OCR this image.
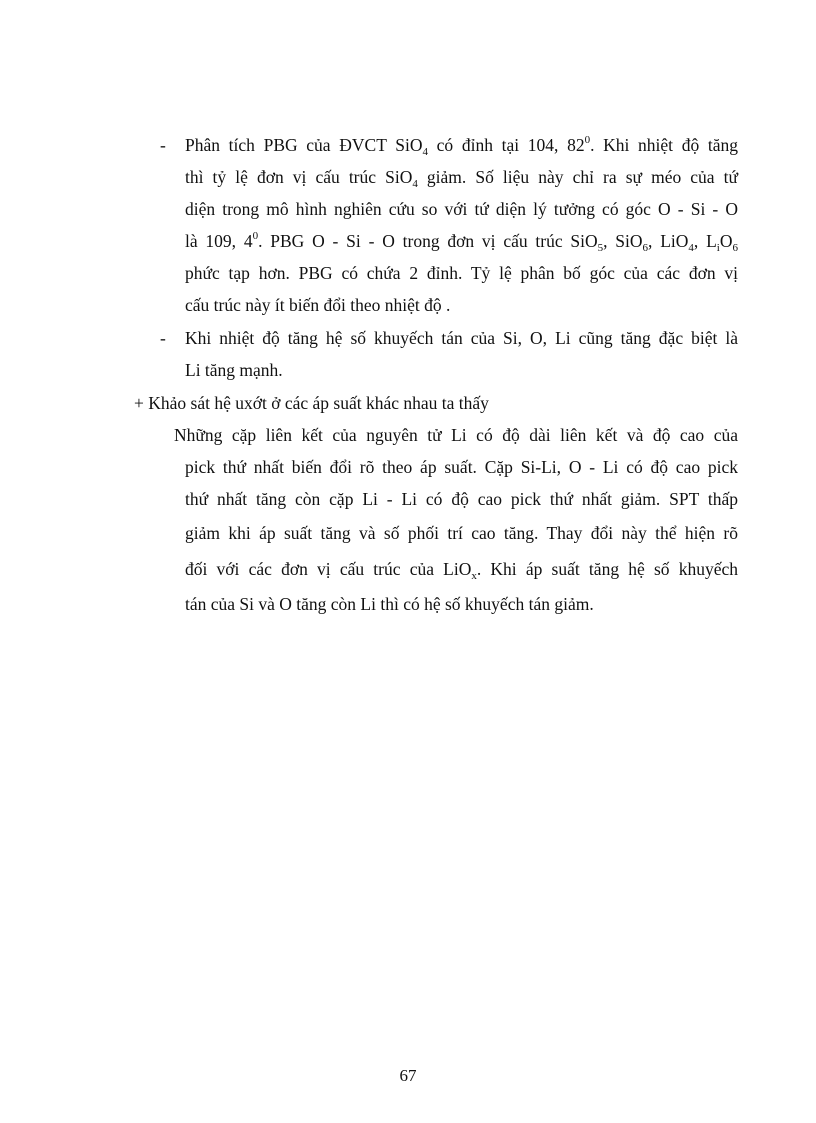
- Phân tích PBG của ĐVCT SiO$_4$ có đỉnh tại 104, $82^0$. Khi nhiệt độ tăng
thì tỷ lệ đơn vị cấu trúc SiO$_4$ giảm. Số liệu này chỉ ra sự méo của tứ
diện trong mô hình nghiên cứu so với tứ diện lý tưởng có góc O - Si - O
là 109, $4^0$. PBG O - Si - O trong đơn vị cấu trúc SiO$_5$, SiO$_6$, LiO$_4$, $L_iO_6$
phức tạp hơn. PBG có chứa 2 đỉnh. Tỷ lệ phân bố góc của các đơn vị
cấu trúc này ít biến đổi theo nhiệt độ .
- Khi nhiệt độ tăng hệ số khuyếch tán của Si, O, Li cũng tăng đặc biệt là
Li tăng mạnh.
+ Khảo sát hệ uxớt ở các áp suất khác nhau ta thấy
Những cặp liên kết của nguyên tử Li có độ dài liên kết và độ cao của
pick thứ nhất biến đổi rõ theo áp suất. Cặp Si-Li, O - Li có độ cao pick
thứ nhất tăng còn cặp Li - Li có độ cao pick thứ nhất giảm. SPT thấp
giảm khi áp suất tăng và số phối trí cao tăng. Thay đổi này thể hiện rõ
đối với các đơn vị cấu trúc của LiO$_x$. Khi áp suất tăng hệ số khuyếch
tán của Si và O tăng còn Li thì có hệ số khuyếch tán giảm.
67
